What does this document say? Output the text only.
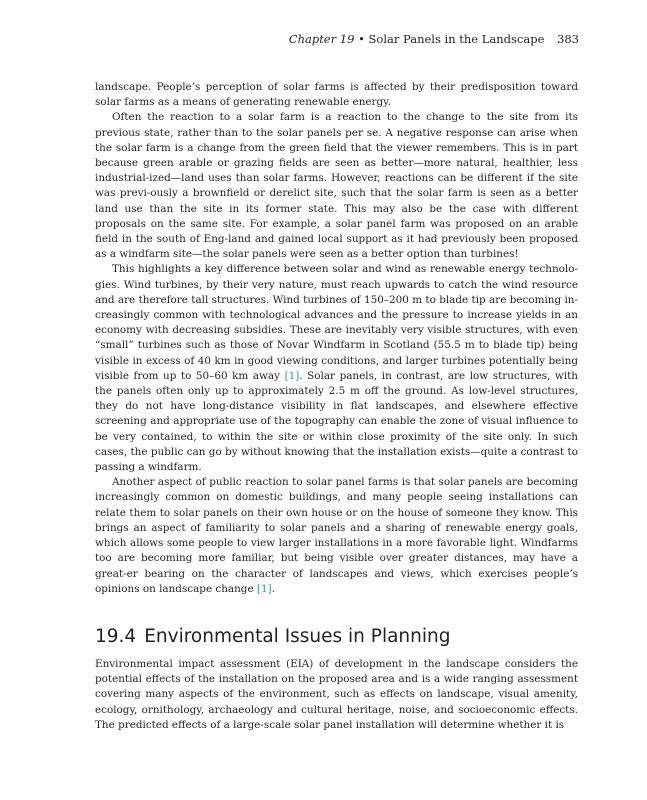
Chapter 19 • Solar Panels in the Landscape 383

landscape. People’s perception of solar farms is affected by their predisposition toward solar farms as a means of generating renewable energy.

Often the reaction to a solar farm is a reaction to the change to the site from its previous state, rather than to the solar panels per se. A negative response can arise when the solar farm is a change from the green field that the viewer remembers. This is in part because green arable or grazing fields are seen as better—more natural, healthier, less industrial-ized—land uses than solar farms. However, reactions can be different if the site was previ-ously a brownfield or derelict site, such that the solar farm is seen as a better land use than the site in its former state. This may also be the case with different proposals on the same site. For example, a solar panel farm was proposed on an arable field in the south of Eng-land and gained local support as it had previously been proposed as a windfarm site—the solar panels were seen as a better option than turbines!

This highlights a key difference between solar and wind as renewable energy technolo-gies. Wind turbines, by their very nature, must reach upwards to catch the wind resource and are therefore tall structures. Wind turbines of 150–200 m to blade tip are becoming in-creasingly common with technological advances and the pressure to increase yields in an economy with decreasing subsidies. These are inevitably very visible structures, with even “small” turbines such as those of Novar Windfarm in Scotland (55.5 m to blade tip) being visible in excess of 40 km in good viewing conditions, and larger turbines potentially being visible from up to 50–60 km away [1]. Solar panels, in contrast, are low structures, with the panels often only up to approximately 2.5 m off the ground. As low-level structures, they do not have long-distance visibility in flat landscapes, and elsewhere effective screening and appropriate use of the topography can enable the zone of visual influence to be very contained, to within the site or within close proximity of the site only. In such cases, the public can go by without knowing that the installation exists—quite a contrast to passing a windfarm.

Another aspect of public reaction to solar panel farms is that solar panels are becoming increasingly common on domestic buildings, and many people seeing installations can relate them to solar panels on their own house or on the house of someone they know. This brings an aspect of familiarity to solar panels and a sharing of renewable energy goals, which allows some people to view larger installations in a more favorable light. Windfarms too are becoming more familiar, but being visible over greater distances, may have a great-er bearing on the character of landscapes and views, which exercises people’s opinions on landscape change [1].

19.4 Environmental Issues in Planning

Environmental impact assessment (EIA) of development in the landscape considers the potential effects of the installation on the proposed area and is a wide ranging assessment covering many aspects of the environment, such as effects on landscape, visual amenity, ecology, ornithology, archaeology and cultural heritage, noise, and socioeconomic effects. The predicted effects of a large-scale solar panel installation will determine whether it is
